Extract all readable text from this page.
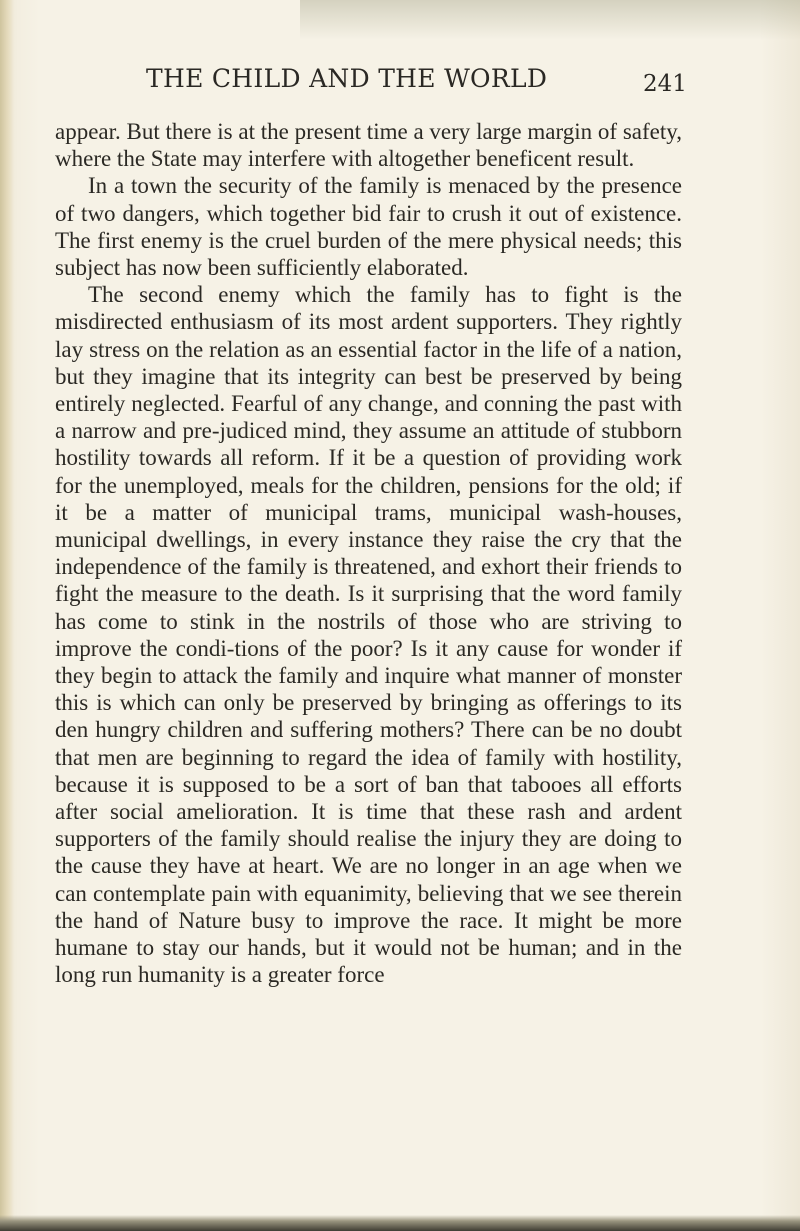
THE CHILD AND THE WORLD	241

appear. But there is at the present time a very large margin of safety, where the State may interfere with altogether beneficent result.

In a town the security of the family is menaced by the presence of two dangers, which together bid fair to crush it out of existence. The first enemy is the cruel burden of the mere physical needs; this subject has now been sufficiently elaborated.

The second enemy which the family has to fight is the misdirected enthusiasm of its most ardent supporters. They rightly lay stress on the relation as an essential factor in the life of a nation, but they imagine that its integrity can best be preserved by being entirely neglected. Fearful of any change, and conning the past with a narrow and pre-judiced mind, they assume an attitude of stubborn hostility towards all reform. If it be a question of providing work for the unemployed, meals for the children, pensions for the old; if it be a matter of municipal trams, municipal wash-houses, municipal dwellings, in every instance they raise the cry that the independence of the family is threatened, and exhort their friends to fight the measure to the death. Is it surprising that the word family has come to stink in the nostrils of those who are striving to improve the condi-tions of the poor? Is it any cause for wonder if they begin to attack the family and inquire what manner of monster this is which can only be preserved by bringing as offerings to its den hungry children and suffering mothers? There can be no doubt that men are beginning to regard the idea of family with hostility, because it is supposed to be a sort of ban that tabooes all efforts after social amelioration. It is time that these rash and ardent supporters of the family should realise the injury they are doing to the cause they have at heart. We are no longer in an age when we can contemplate pain with equanimity, believing that we see therein the hand of Nature busy to improve the race. It might be more humane to stay our hands, but it would not be human; and in the long run humanity is a greater force
